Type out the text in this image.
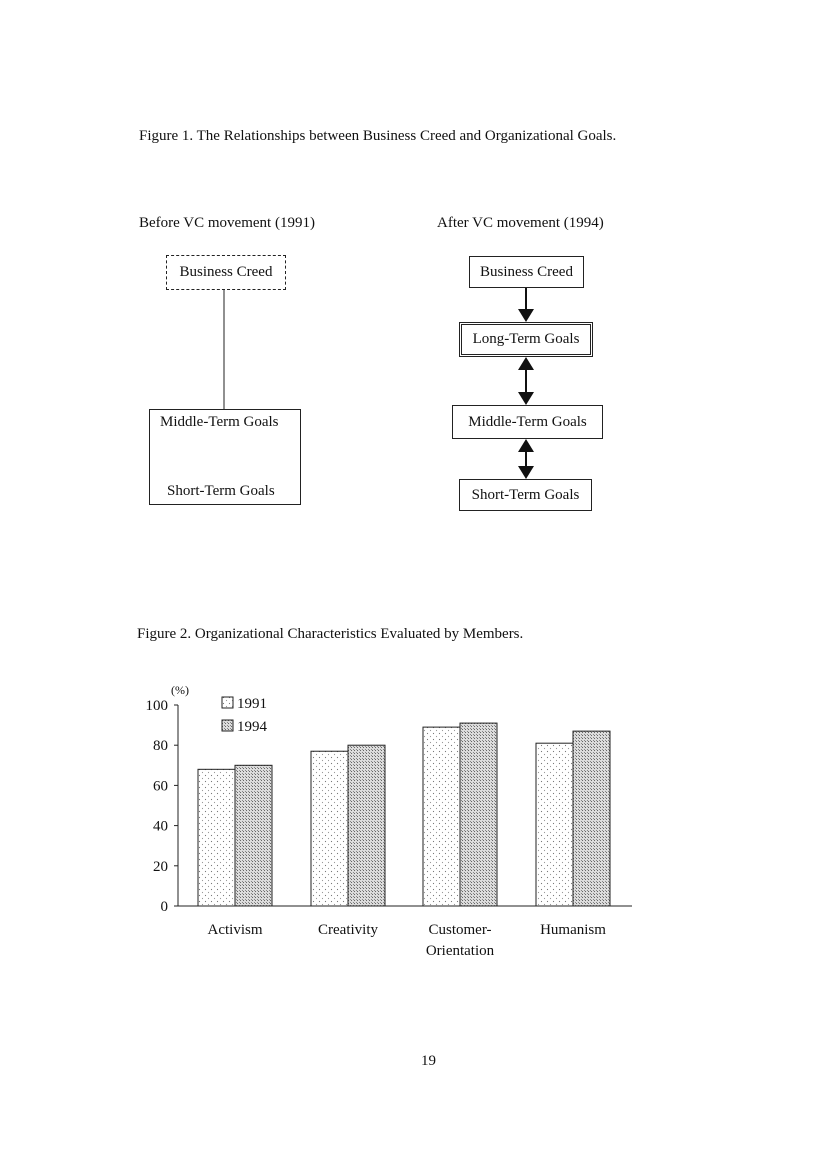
Figure 1. The Relationships between Business Creed and Organizational Goals.
Before VC movement (1991)
Business Creed
Middle-Term Goals
Short-Term Goals
After VC movement (1994)
Business Creed
Long-Term Goals
Middle-Term Goals
Short-Term Goals
Figure 2. Organizational Characteristics Evaluated by Members.
0
20
40
60
80
100
(%)
Activism	Creativity	Customer-
Orientation
Humanism
1991
1994
19
